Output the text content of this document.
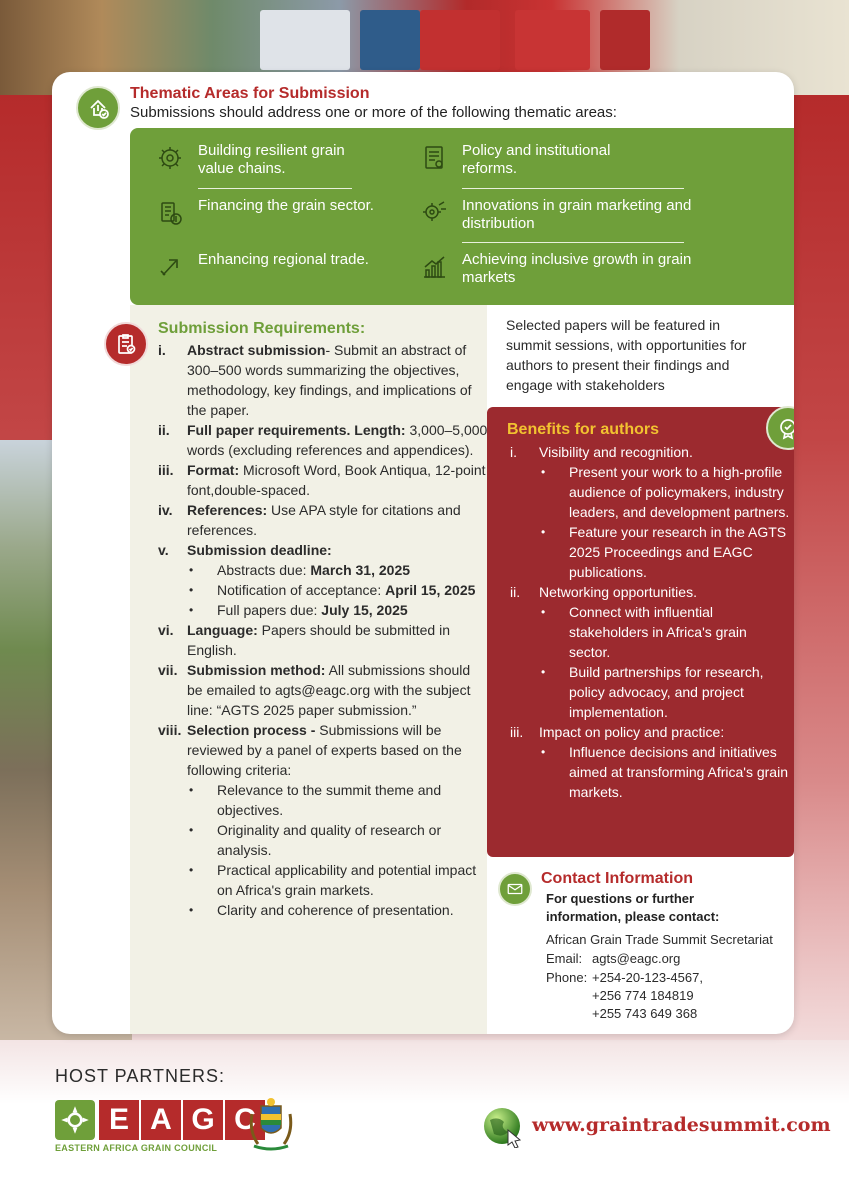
Thematic Areas for Submission
Submissions should address one or more of the following thematic areas:
Building resilient grain value chains.
Financing the grain sector.
Enhancing regional trade.
Policy and institutional reforms.
Innovations in grain marketing and distribution
Achieving inclusive growth in grain markets
Submission Requirements:
i.	Abstract submission- Submit an abstract of 300–500 words summarizing the objectives, methodology, key findings, and implications of the paper.
ii.	Full paper requirements. Length: 3,000–5,000 words (excluding references and appendices).
iii. Format: Microsoft Word, Book Antiqua, 12-point font,double-spaced.
iv.	References: Use APA style for citations and references.
v.	Submission deadline:
•	Abstracts due: March 31, 2025
•	Notification of acceptance: April 15, 2025
•	Full papers due: July 15, 2025
vi. Language: Papers should be submitted in English.
vii. Submission method: All submissions should be emailed to agts@eagc.org with the subject line: “AGTS 2025 paper submission.”
viii. Selection process - Submissions will be reviewed by a panel of experts based on the following criteria:
•	Relevance to the summit theme and objectives.
•	Originality and quality of research or analysis.
•	Practical applicability and potential impact on Africa's grain markets.
•	Clarity and coherence of presentation.
Selected papers will be featured in summit sessions, with opportunities for authors to present their findings and engage with stakeholders
Benefits for authors
i.	Visibility and recognition.
•	Present your work to a high-profile audience of policymakers, industry leaders, and development partners.
•	Feature your research in the AGTS 2025 Proceedings and EAGC publications.
ii.	Networking opportunities.
•	Connect with influential stakeholders in Africa's grain sector.
•	Build partnerships for research, policy advocacy, and project implementation.
iii.	Impact on policy and practice:
•	Influence decisions and initiatives aimed at transforming Africa's grain markets.
Contact Information
For questions or further information, please contact:
African Grain Trade Summit Secretariat
Email: agts@eagc.org
Phone: +254-20-123-4567,
+256 774 184819
+255 743 649 368
HOST PARTNERS:
E A G C
EASTERN AFRICA GRAIN COUNCIL
www.graintradesummit.com
